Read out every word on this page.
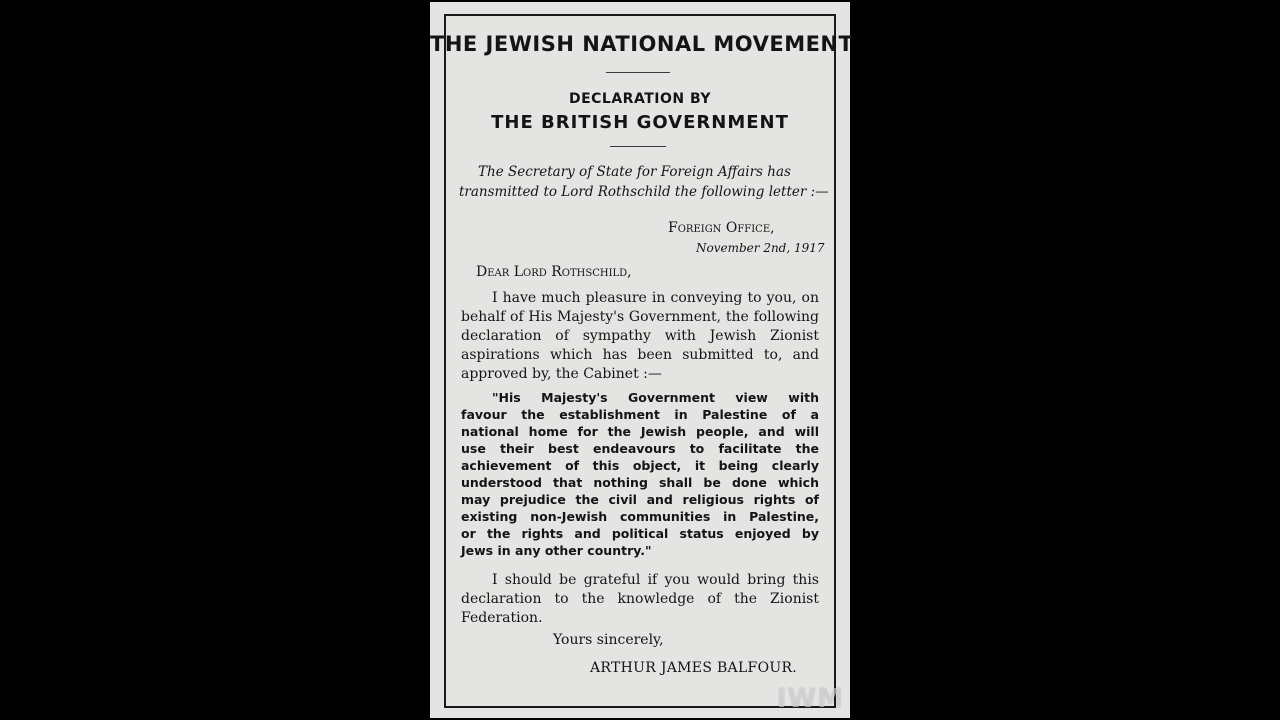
THE JEWISH NATIONAL MOVEMENT
DECLARATION BY
THE BRITISH GOVERNMENT
The Secretary of State for Foreign Affairs has
transmitted to Lord Rothschild the following letter :—
Foreign Office,
November 2nd, 1917
Dear Lord Rothschild,
I have much pleasure in conveying to you, on
behalf of His Majesty's Government, the following
declaration of sympathy with Jewish Zionist
aspirations which has been submitted to, and
approved by, the Cabinet :—
"His Majesty's Government view with
favour the establishment in Palestine of a
national home for the Jewish people, and will
use their best endeavours to facilitate the
achievement of this object, it being clearly
understood that nothing shall be done which
may prejudice the civil and religious rights of
existing non-Jewish communities in Palestine,
or the rights and political status enjoyed by
Jews in any other country."
I should be grateful if you would bring this
declaration to the knowledge of the Zionist
Federation.
Yours sincerely,
ARTHUR JAMES BALFOUR.
IWM
